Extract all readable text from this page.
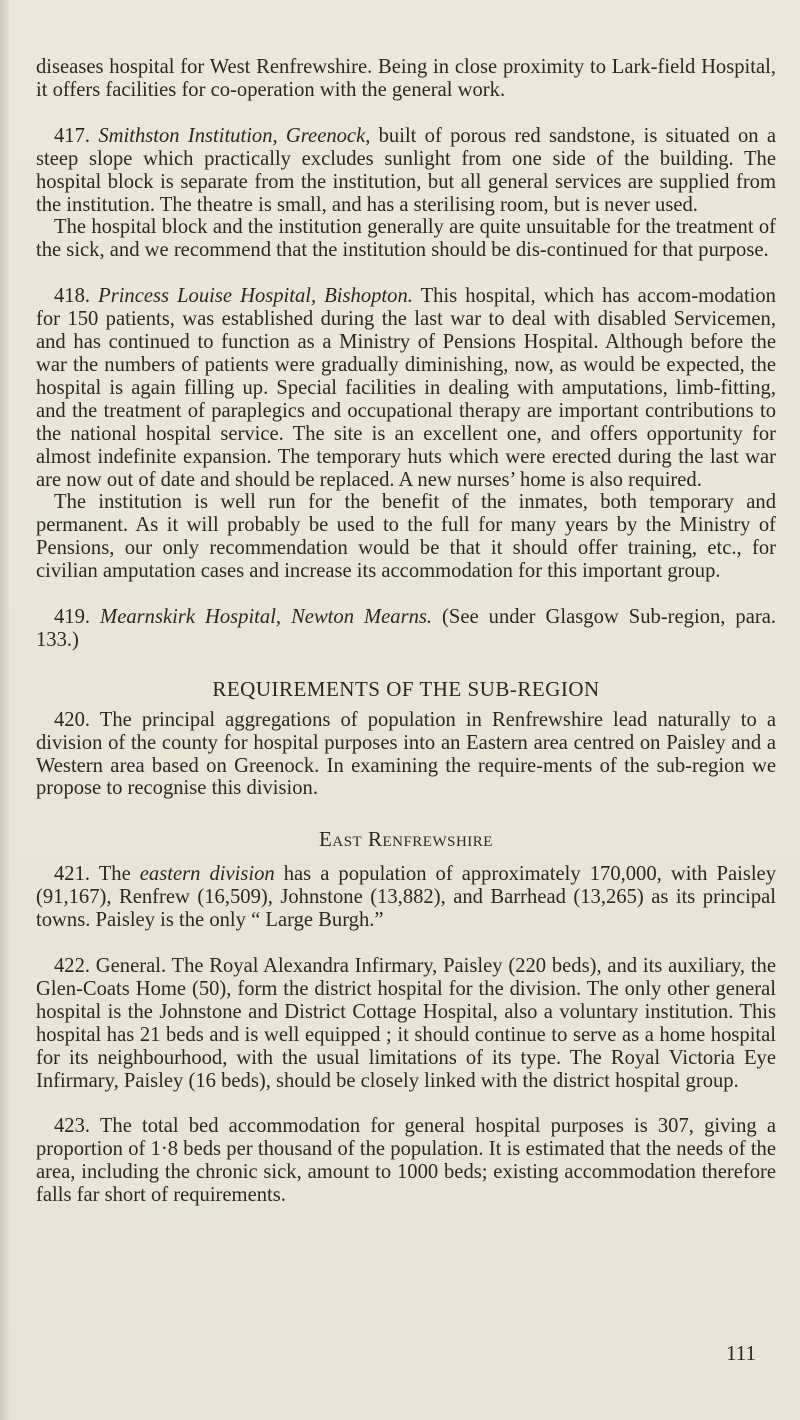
diseases hospital for West Renfrewshire. Being in close proximity to Lark-field Hospital, it offers facilities for co-operation with the general work.

417. Smithston Institution, Greenock, built of porous red sandstone, is situated on a steep slope which practically excludes sunlight from one side of the building. The hospital block is separate from the institution, but all general services are supplied from the institution. The theatre is small, and has a sterilising room, but is never used.

The hospital block and the institution generally are quite unsuitable for the treatment of the sick, and we recommend that the institution should be dis-continued for that purpose.

418. Princess Louise Hospital, Bishopton. This hospital, which has accom-modation for 150 patients, was established during the last war to deal with disabled Servicemen, and has continued to function as a Ministry of Pensions Hospital. Although before the war the numbers of patients were gradually diminishing, now, as would be expected, the hospital is again filling up. Special facilities in dealing with amputations, limb-fitting, and the treatment of paraplegics and occupational therapy are important contributions to the national hospital service. The site is an excellent one, and offers opportunity for almost indefinite expansion. The temporary huts which were erected during the last war are now out of date and should be replaced. A new nurses’ home is also required.

The institution is well run for the benefit of the inmates, both temporary and permanent. As it will probably be used to the full for many years by the Ministry of Pensions, our only recommendation would be that it should offer training, etc., for civilian amputation cases and increase its accommodation for this important group.

419. Mearnskirk Hospital, Newton Mearns. (See under Glasgow Sub-region, para. 133.)

REQUIREMENTS OF THE SUB-REGION

420. The principal aggregations of population in Renfrewshire lead naturally to a division of the county for hospital purposes into an Eastern area centred on Paisley and a Western area based on Greenock. In examining the require-ments of the sub-region we propose to recognise this division.

East Renfrewshire

421. The eastern division has a population of approximately 170,000, with Paisley (91,167), Renfrew (16,509), Johnstone (13,882), and Barrhead (13,265) as its principal towns. Paisley is the only “ Large Burgh.”

422. General. The Royal Alexandra Infirmary, Paisley (220 beds), and its auxiliary, the Glen-Coats Home (50), form the district hospital for the division. The only other general hospital is the Johnstone and District Cottage Hospital, also a voluntary institution. This hospital has 21 beds and is well equipped ; it should continue to serve as a home hospital for its neighbourhood, with the usual limitations of its type. The Royal Victoria Eye Infirmary, Paisley (16 beds), should be closely linked with the district hospital group.

423. The total bed accommodation for general hospital purposes is 307, giving a proportion of 1·8 beds per thousand of the population. It is estimated that the needs of the area, including the chronic sick, amount to 1000 beds; existing accommodation therefore falls far short of requirements.

111
